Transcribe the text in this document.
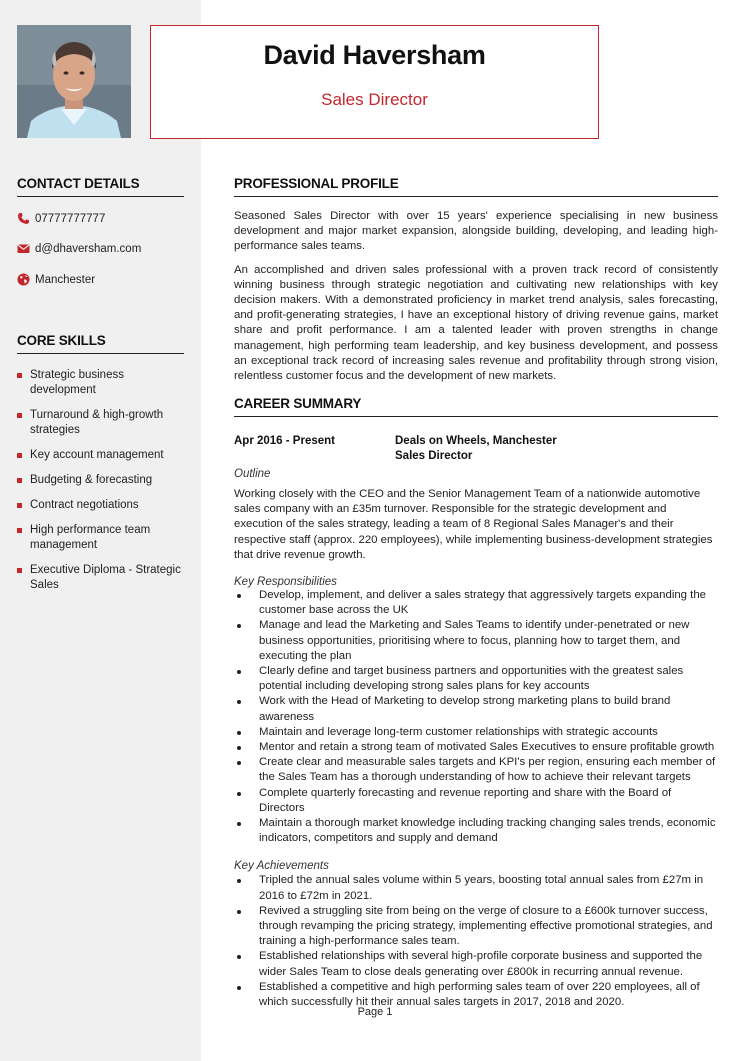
David Haversham
Sales Director
CONTACT DETAILS
07777777777
d@dhaversham.com
Manchester
CORE SKILLS
Strategic business development
Turnaround & high-growth strategies
Key account management
Budgeting & forecasting
Contract negotiations
High performance team management
Executive Diploma - Strategic Sales
PROFESSIONAL PROFILE

Seasoned Sales Director with over 15 years' experience specialising in new business development and major market expansion, alongside building, developing, and leading high-performance sales teams.

An accomplished and driven sales professional with a proven track record of consistently winning business through strategic negotiation and cultivating new relationships with key decision makers. With a demonstrated proficiency in market trend analysis, sales forecasting, and profit-generating strategies, I have an exceptional history of driving revenue gains, market share and profit performance. I am a talented leader with proven strengths in change management, high performing team leadership, and key business development, and possess an exceptional track record of increasing sales revenue and profitability through strong vision, relentless customer focus and the development of new markets.

CAREER SUMMARY
Apr 2016 - Present	Deals on Wheels, Manchester
Sales Director
Outline

Working closely with the CEO and the Senior Management Team of a nationwide automotive sales company with an £35m turnover. Responsible for the strategic development and execution of the sales strategy, leading a team of 8 Regional Sales Manager's and their respective staff (approx. 220 employees), while implementing business-development strategies that drive revenue growth.

Key Responsibilities
Develop, implement, and deliver a sales strategy that aggressively targets expanding the customer base across the UK
Manage and lead the Marketing and Sales Teams to identify under-penetrated or new business opportunities, prioritising where to focus, planning how to target them, and executing the plan
Clearly define and target business partners and opportunities with the greatest sales potential including developing strong sales plans for key accounts
Work with the Head of Marketing to develop strong marketing plans to build brand awareness
Maintain and leverage long-term customer relationships with strategic accounts
Mentor and retain a strong team of motivated Sales Executives to ensure profitable growth
Create clear and measurable sales targets and KPI's per region, ensuring each member of the Sales Team has a thorough understanding of how to achieve their relevant targets
Complete quarterly forecasting and revenue reporting and share with the Board of Directors
Maintain a thorough market knowledge including tracking changing sales trends, economic indicators, competitors and supply and demand
Key Achievements
Tripled the annual sales volume within 5 years, boosting total annual sales from £27m in 2016 to £72m in 2021.
Revived a struggling site from being on the verge of closure to a £600k turnover success, through revamping the pricing strategy, implementing effective promotional strategies, and training a high-performance sales team.
Established relationships with several high-profile corporate business and supported the wider Sales Team to close deals generating over £800k in recurring annual revenue.
Established a competitive and high performing sales team of over 220 employees, all of which successfully hit their annual sales targets in 2017, 2018 and 2020.
Page 1
